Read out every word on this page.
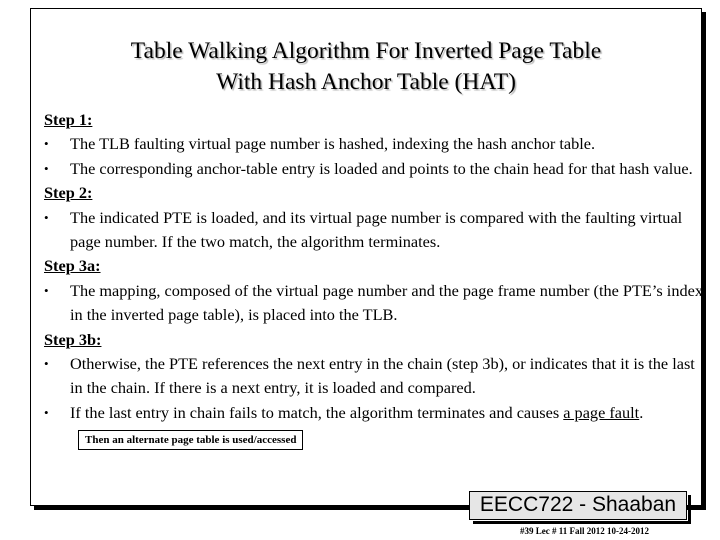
Table Walking Algorithm For Inverted Page Table
With Hash Anchor Table (HAT)
Step 1:
• The TLB faulting virtual page number is hashed, indexing the hash anchor table.
• The corresponding anchor-table entry is loaded and points to the chain head for that hash value.
Step 2:
• The indicated PTE is loaded, and its virtual page number is compared with the faulting virtual page number. If the two match, the algorithm terminates.
Step 3a:
• The mapping, composed of the virtual page number and the page frame number (the PTE’s index in the inverted page table), is placed into the TLB.
Step 3b:
• Otherwise, the PTE references the next entry in the chain (step 3b), or indicates that it is the last in the chain. If there is a next entry, it is loaded and compared.
• If the last entry in chain fails to match, the algorithm terminates and causes a page fault.Then an alternate page table is used/accessed
EECC722 - Shaaban
#39 Lec # 11 Fall 2012 10-24-2012
